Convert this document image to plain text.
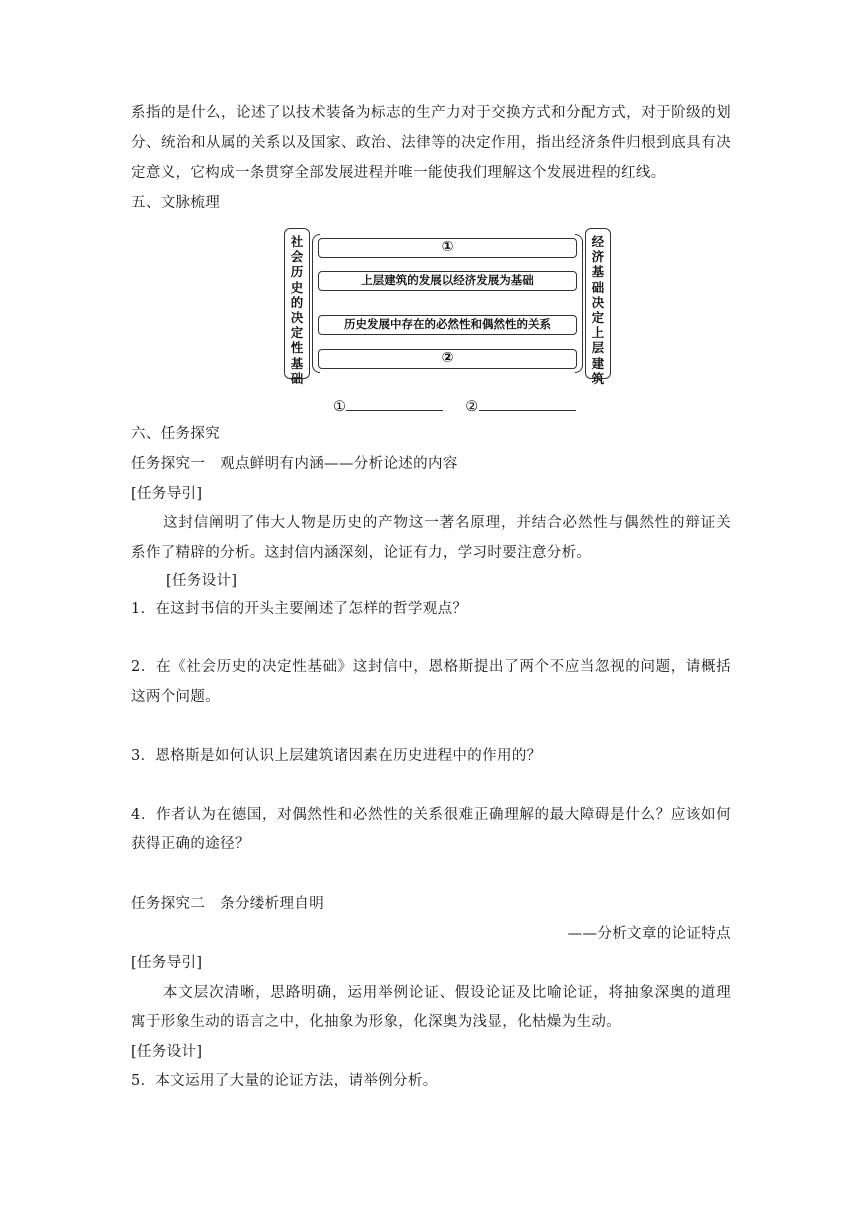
系指的是什么，论述了以技术装备为标志的生产力对于交换方式和分配方式，对于阶级的划
分、统治和从属的关系以及国家、政治、法律等的决定作用，指出经济条件归根到底具有决
定意义，它构成一条贯穿全部发展进程并唯一能使我们理解这个发展进程的红线。
五、文脉梳理
社
会
历
史
的
决
定
性
基
础
①
上层建筑的发展以经济发展为基础
历史发展中存在的必然性和偶然性的关系
②
经
济
基
础
决
定
上
层
建
筑
①	②
六、任务探究
任务探究一　观点鲜明有内涵——分析论述的内容
[任务导引]
这封信阐明了伟大人物是历史的产物这一著名原理，并结合必然性与偶然性的辩证关
系作了精辟的分析。这封信内涵深刻，论证有力，学习时要注意分析。
[任务设计]
1．在这封书信的开头主要阐述了怎样的哲学观点？
2．在《社会历史的决定性基础》这封信中，恩格斯提出了两个不应当忽视的问题，请概括
这两个问题。
3．恩格斯是如何认识上层建筑诸因素在历史进程中的作用的？
4．作者认为在德国，对偶然性和必然性的关系很难正确理解的最大障碍是什么？应该如何
获得正确的途径？
任务探究二　条分缕析理自明
——分析文章的论证特点
[任务导引]
本文层次清晰，思路明确，运用举例论证、假设论证及比喻论证，将抽象深奥的道理
寓于形象生动的语言之中，化抽象为形象，化深奥为浅显，化枯燥为生动。
[任务设计]
5．本文运用了大量的论证方法，请举例分析。
